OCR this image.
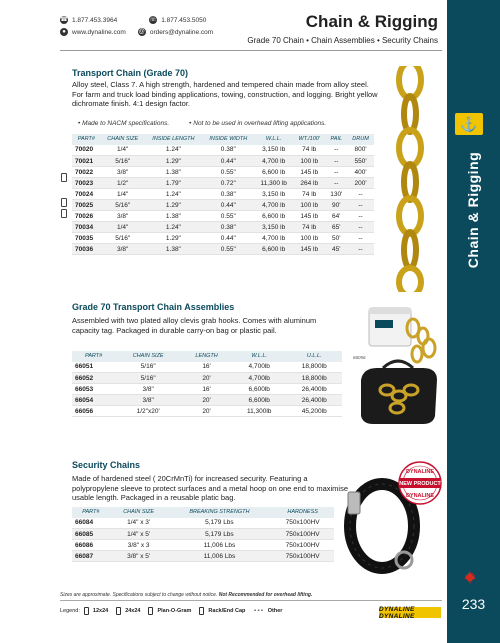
⚓
Chain & Rigging
233
☎ 1.877.453.3964	☏ 1.877.453.5050
● www.dynaline.com @ orders@dynaline.com
Chain & Rigging
Grade 70 Chain • Chain Assemblies • Security Chains
Transport Chain (Grade 70)
Alloy steel, Class 7. A high strength, hardened and tempered chain made from alloy steel. For farm and truck load binding applications, towing, construction, and logging. Bright yellow dichromate finish. 4:1 design factor.
• Made to NACM specifications.	• Not to be used in overhead lifting applications.
PART#	CHAIN SIZE	INSIDE LENGTH	INSIDE WIDTH	W.L.L.	WT./100'	PAIL	DRUM
70020	1/4"	1.24"	0.38"	3,150 lb	74 lb	--	800'
70021	5/16"	1.29"	0.44"	4,700 lb	100 lb	--	550'
70022	3/8"	1.38"	0.55"	6,600 lb	145 lb	--	400'
70023	1/2"	1.79"	0.72"	11,300 lb	264 lb	--	200'
70024	1/4"	1.24"	0.38"	3,150 lb	74 lb	130'	--
70025	5/16"	1.29"	0.44"	4,700 lb	100 lb	90'	--
70026	3/8"	1.38"	0.55"	6,600 lb	145 lb	64'	--
70034	1/4"	1.24"	0.38"	3,150 lb	74 lb	65'	--
70035	5/16"	1.29"	0.44"	4,700 lb	100 lb	50'	--
70036	3/8"	1.38"	0.55"	6,600 lb	145 lb	45'	--
Grade 70 Transport Chain Assemblies
Assembled with two plated alloy clevis grab hooks. Comes with aluminum capacity tag. Packaged in durable carry-on bag or plastic pail.
PART#	CHAIN SIZE	LENGTH	W.L.L.	U.L.L.
66051	5/16"	16'	4,700lb	18,800lb
66052	5/16"	20'	4,700lb	18,800lb
66053	3/8"	16'	6,600lb	26,400lb
66054	3/8"	20'	6,600lb	26,400lb
66056	1/2"x20'	20'	11,300lb	45,200lb
66056
Security Chains
Made of hardened steel ( 20CrMnTi) for increased security. Featuring a polypropylene sleeve to protect surfaces and a metal hoop on one end to maximise usable length. Packaged in a reusable platic bag.
PART#	CHAIN SIZE	BREAKING STRENGTH	HARDNESS
66084	1/4" x 3'	5,179 Lbs	750x100HV
66085	1/4" x 5'	5,179 Lbs	750x100HV
66086	3/8" x 3	11,006 Lbs	750x100HV
66087	3/8" x 5'	11,006 Lbs	750x100HV
DYNALINE
NEW PRODUCT
DYNALINE
Sizes are approximate. Specifications subject to change without notice. Not Recommended for overhead lifting.
Legend: 12x24	24x24	Plan-O-Gram	Rack/End Cap ∘∘∘ Other	DYNALINE DYNALINE
